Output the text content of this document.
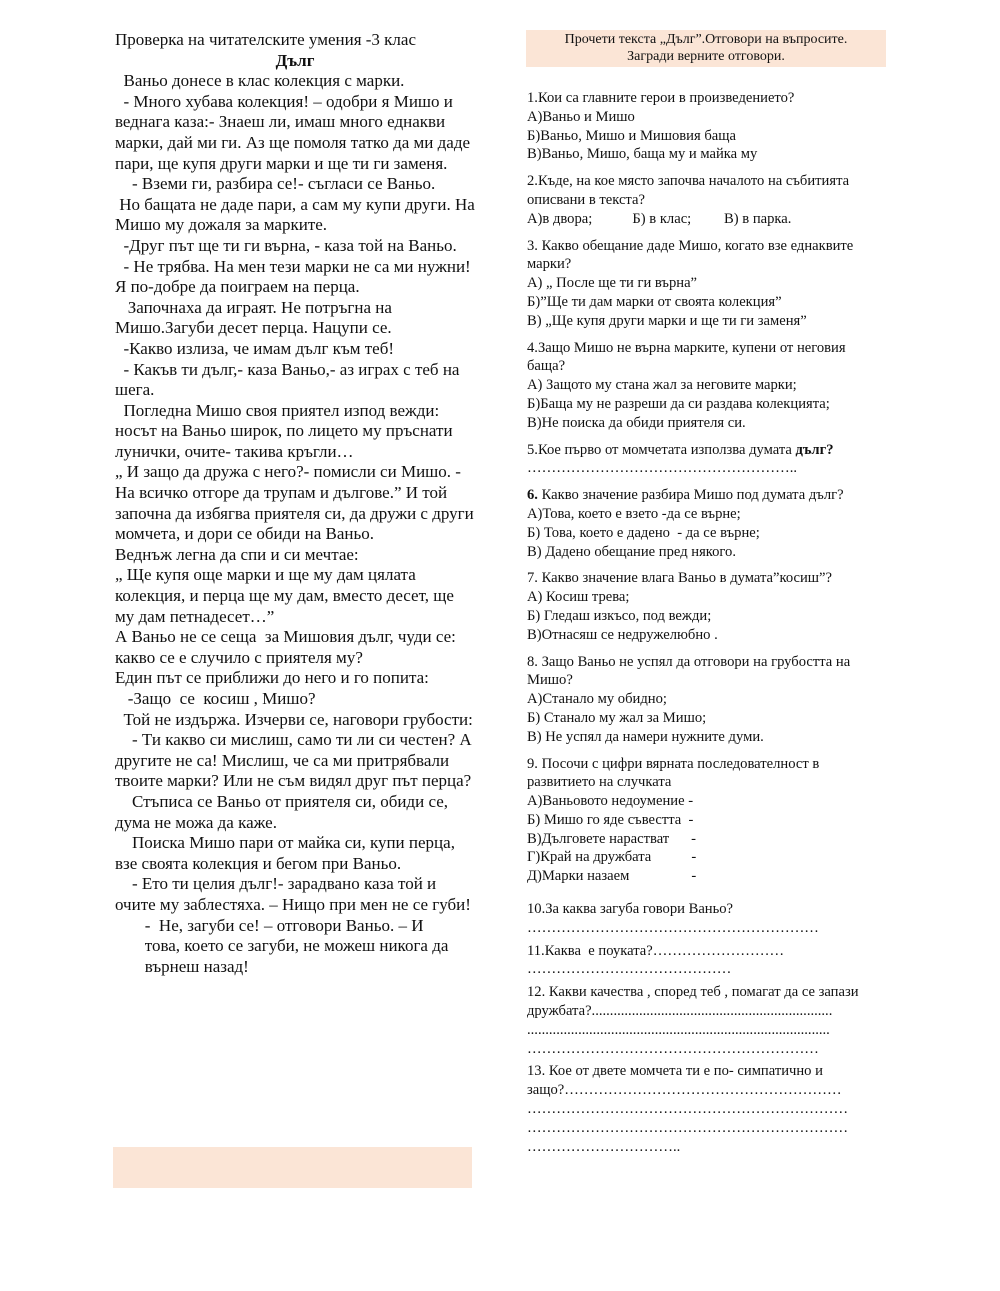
Проверка на читателските умения -3 клас

Дълг

Ваньо донесе в клас колекция с марки.

- Много хубава колекция! – одобри я Мишо и веднага каза:- Знаеш ли, имаш много еднакви марки, дай ми ги. Аз ще помоля татко да ми даде пари, ще купя други марки и ще ти ги заменя.

- Вземи ги, разбира се!- съгласи се Ваньо.

Но бащата не даде пари, а сам му купи други. На Мишо му дожаля за марките.

-Друг път ще ти ги върна, - каза той на Ваньо.

- Не трябва. На мен тези марки не са ми нужни! Я по-добре да поиграем на перца.

Започнаха да играят. Не потръгна на Мишо.Загуби десет перца. Нацупи се.

-Какво излиза, че имам дълг към теб!

- Какъв ти дълг,- каза Ваньо,- аз играх с теб на шега.

Погледна Мишо своя приятел изпод вежди: носът на Ваньо широк, по лицето му пръснати лунички, очите- такива кръгли…

„ И защо да дружа с него?- помисли си Мишо. - На всичко отгоре да трупам и дългове.” И той започна да избягва приятеля си, да дружи с други момчета, и дори се обиди на Ваньо.

Веднъж легна да спи и си мечтае:

„ Ще купя още марки и ще му дам цялата колекция, и перца ще му дам, вместо десет, ще му дам петнадесет…”

А Ваньо не се сеща  за Мишовия дълг, чуди се: какво се е случило с приятеля му?

Един път се приближи до него и го попита:

-Защо  се  косиш , Мишо?

Той не издържа. Изчерви се, наговори грубости:

- Ти какво си мислиш, само ти ли си честен? А другите не са! Мислиш, че са ми притрябвали твоите марки? Или не съм видял друг път перца?

Стъписа се Ваньо от приятеля си, обиди се, дума не можа да каже.

Поиска Мишо пари от майка си, купи перца, взе своята колекция и бегом при Ваньо.

- Ето ти целия дълг!- зарадвано каза той и очите му заблестяха. – Нищо при мен не се губи!

-  Не, загуби се! – отговори Ваньо. – И
това, което се загуби, не можеш никога да
върнеш назад!

Прочети текста „Дълг”.Отговори на въпросите.
Загради верните отговори.

1.Кои са главните герои в произведението?

А)Ваньо и Мишо

Б)Ваньо, Мишо и Мишовия баща

В)Ваньо, Мишо, баща му и майка му

2.Къде, на кое място започва началото на събитията описвани в текста?

А)в двора;           Б) в клас;         В) в парка.

3. Какво обещание даде Мишо, когато взе еднаквите марки?

А) „ После ще ти ги върна”

Б)”Ще ти дам марки от своята колекция”

В) „Ще купя други марки и ще ти ги заменя”

4.Защо Мишо не върна марките, купени от неговия баща?

А) Защото му стана жал за неговите марки;

Б)Баща му не разреши да си раздава колекцията;

В)Не поиска да обиди приятеля си.

5.Кое първо от момчетата използва думата дълг?

………………………………………………..

6. Какво значение разбира Мишо под думата дълг?

А)Това, което е взето -да се върне;

Б) Това, което е дадено  - да се върне;

В) Дадено обещание пред някого.

7. Какво значение влага Ваньо в думата”косиш”?

А) Косиш трева;

Б) Гледаш изкъсо, под вежди;

В)Отнасяш се недружелюбно .

8. Защо Ваньо не успял да отговори на грубостта на Мишо?

А)Станало му обидно;

Б) Станало му жал за Мишо;

В) Не успял да намери нужните думи.

9. Посочи с цифри вярната последователност в развитието на случката

А)Ваньовото недоумение -

Б) Мишо го яде съвестта  -

В)Дълговете нарастват      -

Г)Край на дружбата           -

Д)Марки назаем                 -

10.За каква загуба говори Ваньо?

……………………………………………………

11.Каква  е поуката?………………………

……………………………………

12. Какви качества , според теб , помагат да се запази дружбата?..................................................................

...................................................................................

……………………………………………………

13. Кое от двете момчета ти е по- симпатично и защо?…………………………………………………

…………………………………………………………

…………………………………………………………

…………………………..
